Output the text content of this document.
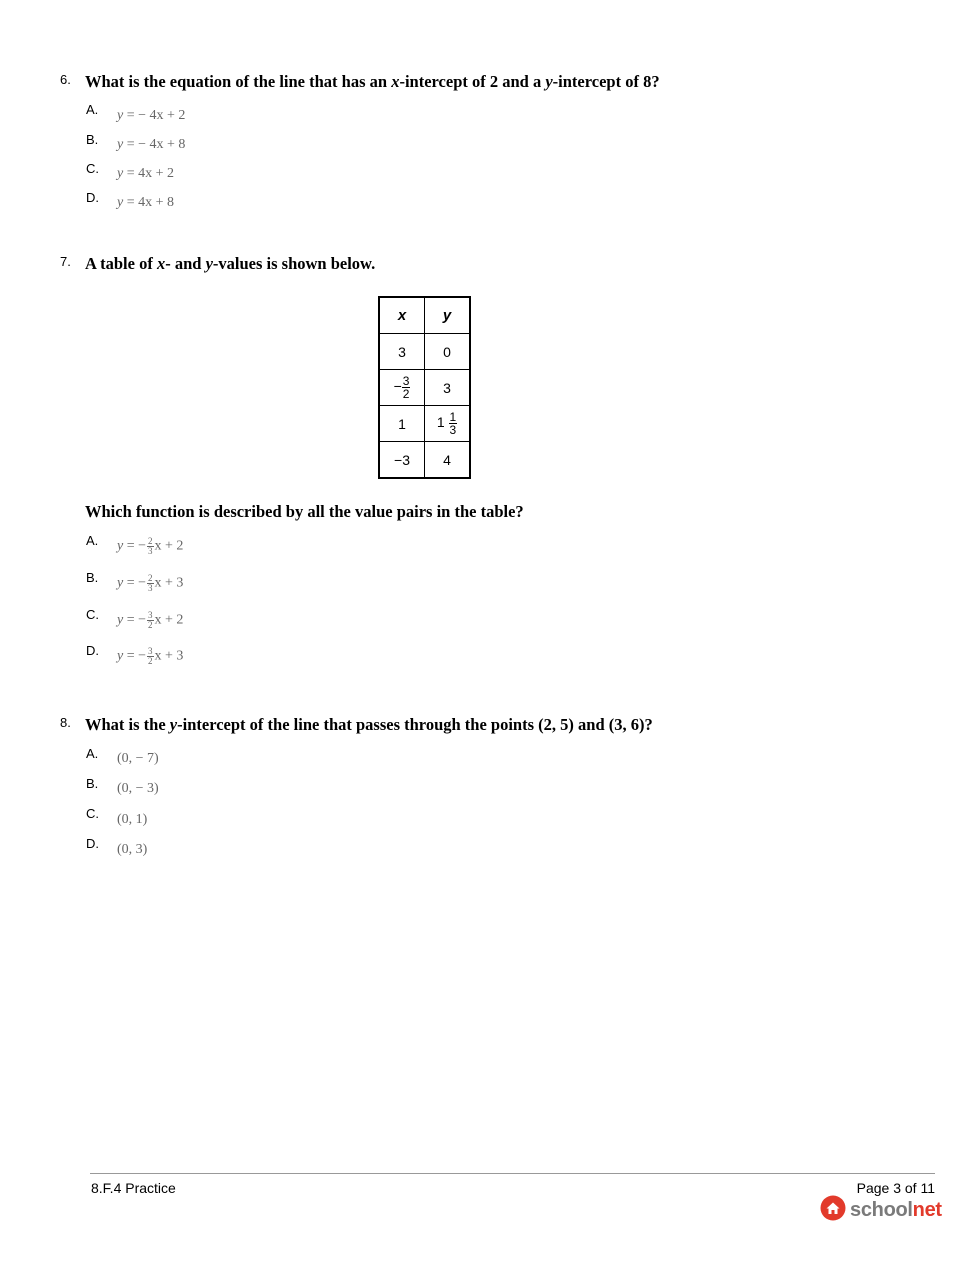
6. What is the equation of the line that has an x-intercept of 2 and a y-intercept of 8?
A. y = − 4x + 2
B. y = − 4x + 8
C. y = 4x + 2
D. y = 4x + 8
7. A table of x- and y-values is shown below.
x	y
3	0
− $\frac{3}{2}$	3
1	$1 \frac{1}{3}$

−3	4
Which function is described by all the value pairs in the table?
A. y = − $\frac{2}{3}$ x + 2
B. y = − $\frac{2}{3}$ x + 3
C. y = − $\frac{3}{2}$ x + 2
D. y = − $\frac{3}{2}$ x + 3
8. What is the y-intercept of the line that passes through the points (2, 5) and (3, 6)?
A. (0, − 7)
B. (0, − 3)
C. (0, 1)
D. (0, 3)
8.F.4 Practice	Page 3 of 11
schoolnet
